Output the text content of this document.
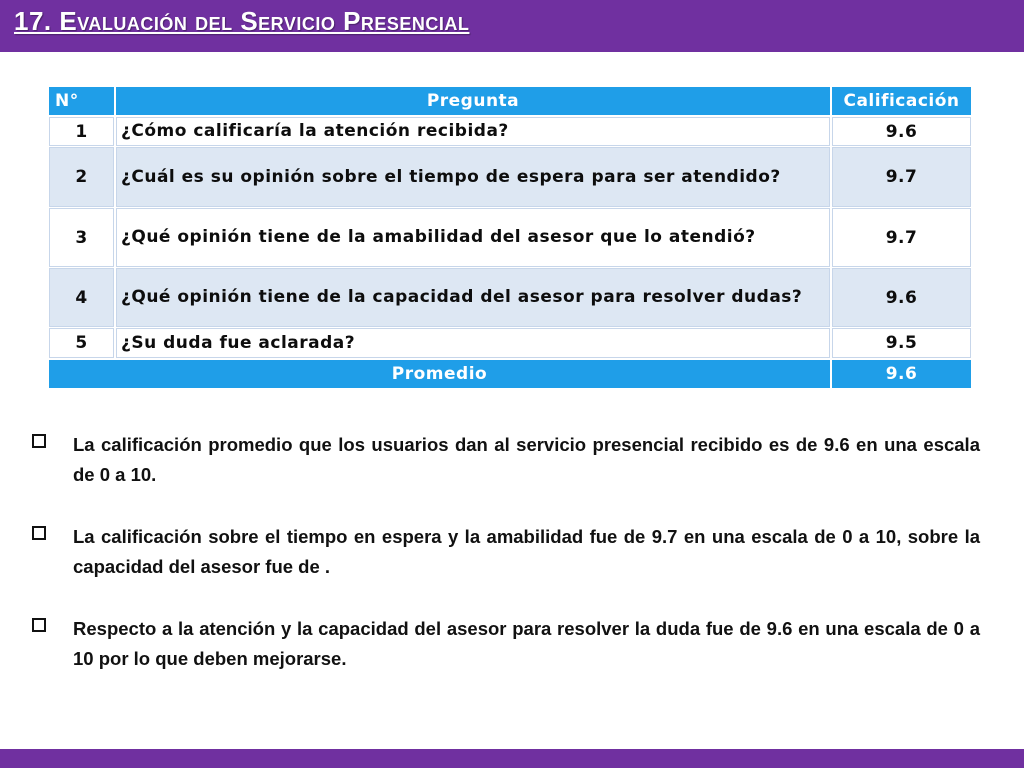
17. Evaluación del Servicio Presencial
N°	Pregunta	Calificación
1	¿Cómo calificaría la atención recibida?	9.6
2	¿Cuál es su opinión sobre el tiempo de espera para ser atendido?	9.7
3	¿Qué opinión tiene de la amabilidad del asesor que lo atendió?	9.7
4	¿Qué opinión tiene de la capacidad del asesor para resolver dudas?	9.6
5	¿Su duda fue aclarada?	9.5
Promedio	9.6
La calificación promedio que los usuarios dan al servicio presencial recibido es de 9.6 en una escala de 0 a 10.
La calificación sobre el tiempo en espera y la amabilidad fue de 9.7 en una escala de 0 a 10, sobre la capacidad del asesor fue de .
Respecto a la atención y la capacidad del asesor para resolver la duda fue de 9.6 en una escala de 0 a 10 por lo que deben mejorarse.
